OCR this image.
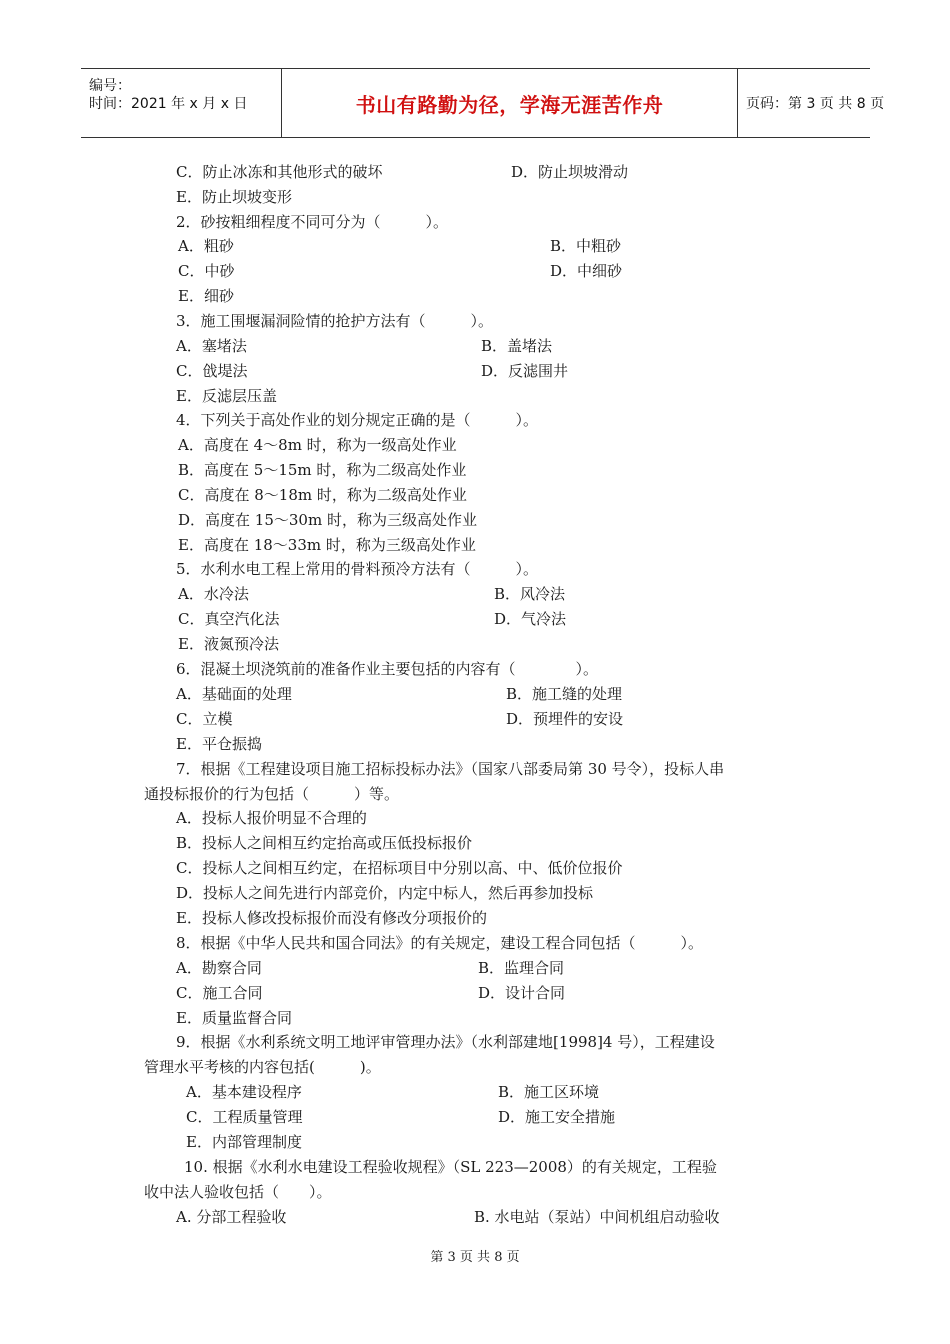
编号：
时间：2021 年 x 月 x 日	书山有路勤为径，学海无涯苦作舟	页码：第 3 页 共 8 页
C．防止冰冻和其他形式的破坏	D．防止坝坡滑动
E．防止坝坡变形
2．砂按粗细程度不同可分为（　　　）。
A．粗砂	B．中粗砂
C．中砂	D．中细砂
E．细砂
3．施工围堰漏洞险情的抢护方法有（　　　）。
A．塞堵法	B．盖堵法
C．戗堤法	D．反滤围井
E．反滤层压盖
4．下列关于高处作业的划分规定正确的是（　　　）。
A．高度在 4～8m 时，称为一级高处作业
B．高度在 5～15m 时，称为二级高处作业
C．高度在 8～18m 时，称为二级高处作业
D．高度在 15～30m 时，称为三级高处作业
E．高度在 18～33m 时，称为三级高处作业
5．水利水电工程上常用的骨料预冷方法有（　　　）。
A．水冷法	B．风冷法
C．真空汽化法	D．气冷法
E．液氮预冷法
6．混凝土坝浇筑前的准备作业主要包括的内容有（　　　　）。
A．基础面的处理	B．施工缝的处理
C．立模	D．预埋件的安设
E．平仓振捣
7．根据《工程建设项目施工招标投标办法》（国家八部委局第 30 号令），投标人串
通投标报价的行为包括（　　　）等。
A．投标人报价明显不合理的
B．投标人之间相互约定抬高或压低投标报价
C．投标人之间相互约定，在招标项目中分别以高、中、低价位报价
D．投标人之间先进行内部竞价，内定中标人，然后再参加投标
E．投标人修改投标报价而没有修改分项报价的
8．根据《中华人民共和国合同法》的有关规定，建设工程合同包括（　　　）。
A．勘察合同	B．监理合同
C．施工合同	D．设计合同
E．质量监督合同
9．根据《水利系统文明工地评审管理办法》（水利部建地[1998]4 号），工程建设
管理水平考核的内容包括(　　　)。
A．基本建设程序	B．施工区环境
C．工程质量管理	D．施工安全措施
E．内部管理制度
10. 根据《水利水电建设工程验收规程》（SL 223—2008）的有关规定，工程验
收中法人验收包括（　　）。
A. 分部工程验收	B. 水电站（泵站）中间机组启动验收
第 3 页 共 8 页
